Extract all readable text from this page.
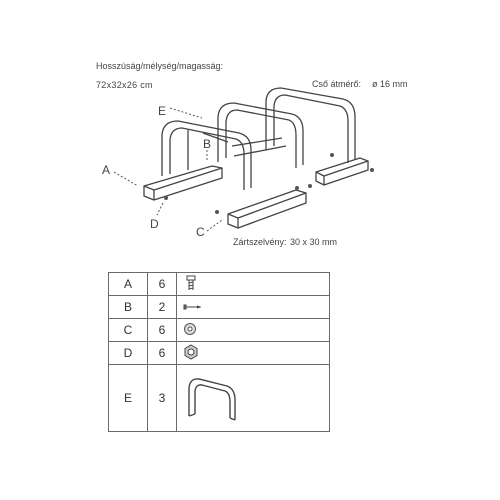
Hosszúság/mélység/magasság:
72x32x26 cm	Cső átmérő: ø 16 mm
Zártszelvény: 30 x 30 mm
A
B
C
D
E
A	6	
B	2	
C	6	
D	6	
E	3	
